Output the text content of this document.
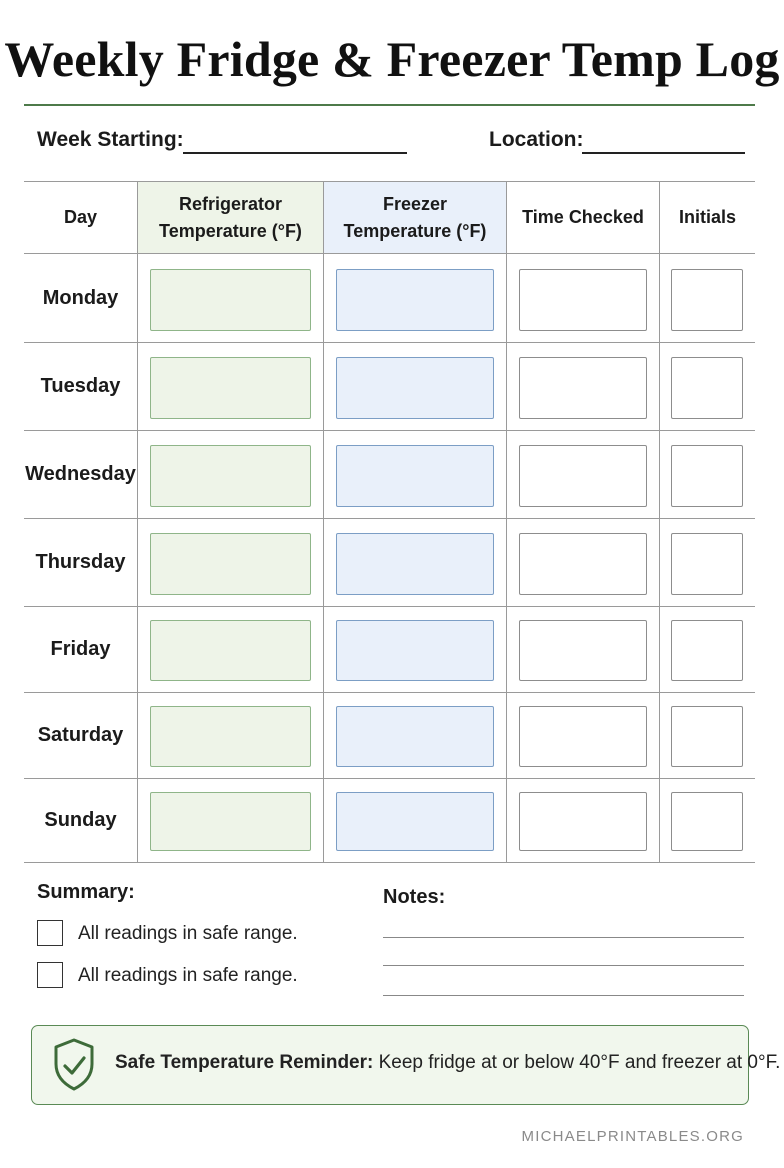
Weekly Fridge & Freezer Temp Log
Week Starting:	Location:
Day
Refrigerator
Temperature (°F)
Freezer
Temperature (°F)
Time Checked	Initials
Monday
Tuesday
Wednesday
Thursday
Friday
Saturday
Sunday
Summary:
All readings in safe range.
All readings in safe range.
Notes:
Safe Temperature Reminder: Keep fridge at or below 40°F and freezer at 0°F.
MICHAELPRINTABLES.ORG
